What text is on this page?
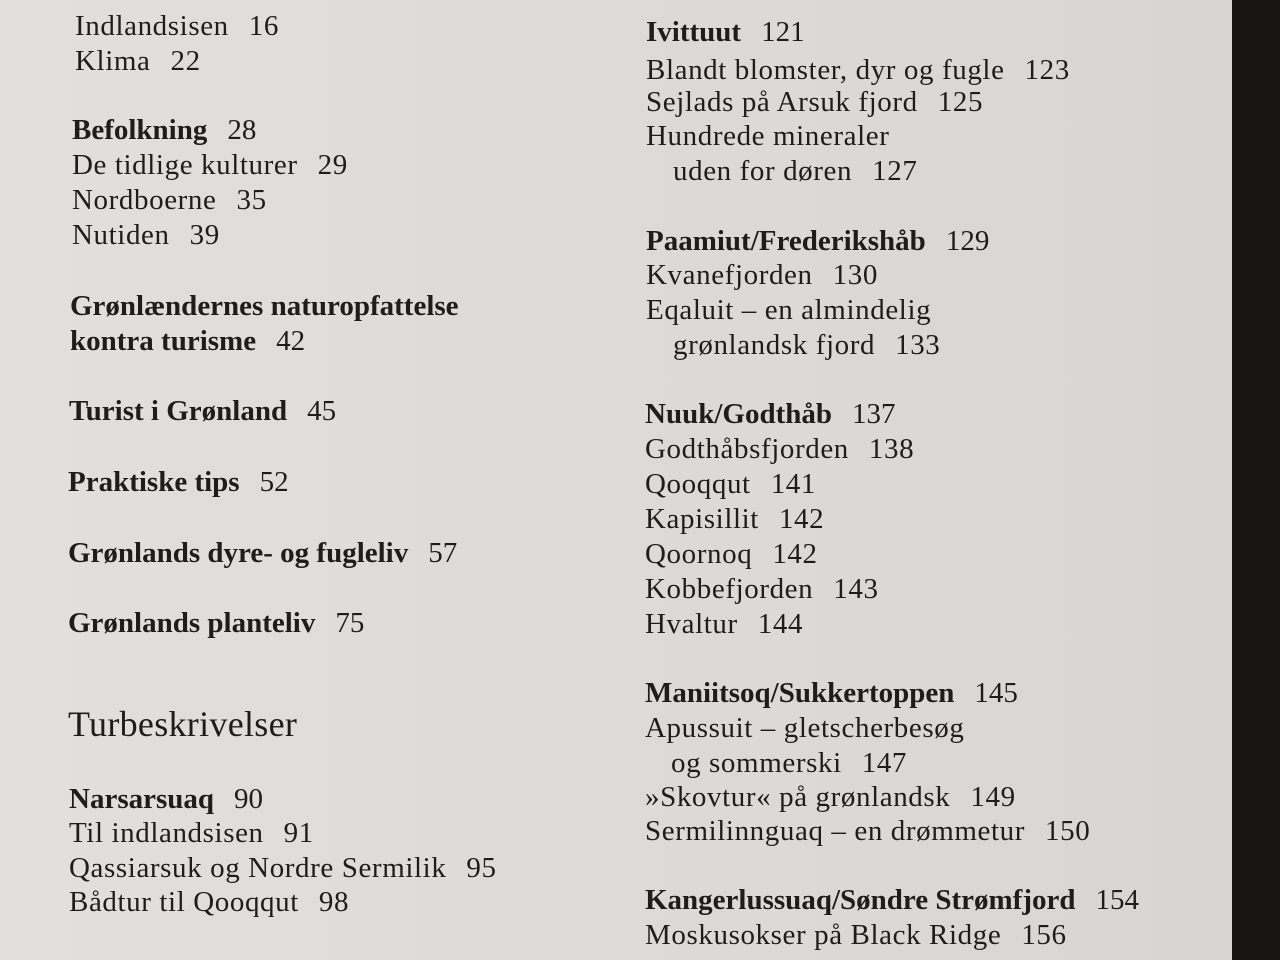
Indlandsisen 16
Klima 22
Befolkning 28
De tidlige kulturer 29
Nordboerne 35
Nutiden 39
Grønlændernes naturopfattelse
kontra turisme 42
Turist i Grønland 45
Praktiske tips 52
Grønlands dyre- og fugleliv 57
Grønlands planteliv 75
Turbeskrivelser
Narsarsuaq 90
Til indlandsisen 91
Qassiarsuk og Nordre Sermilik 95
Bådtur til Qooqqut 98
Ivittuut 121
Blandt blomster, dyr og fugle 123
Sejlads på Arsuk fjord 125
Hundrede mineraler
uden for døren 127
Paamiut/Frederikshåb 129
Kvanefjorden 130
Eqaluit – en almindelig
grønlandsk fjord 133
Nuuk/Godthåb 137
Godthåbsfjorden 138
Qooqqut 141
Kapisillit 142
Qoornoq 142
Kobbefjorden 143
Hvaltur 144
Maniitsoq/Sukkertoppen 145
Apussuit – gletscherbesøg
og sommerski 147
»Skovtur« på grønlandsk 149
Sermilinnguaq – en drømmetur 150
Kangerlussuaq/Søndre Strømfjord 154
Moskusokser på Black Ridge 156
